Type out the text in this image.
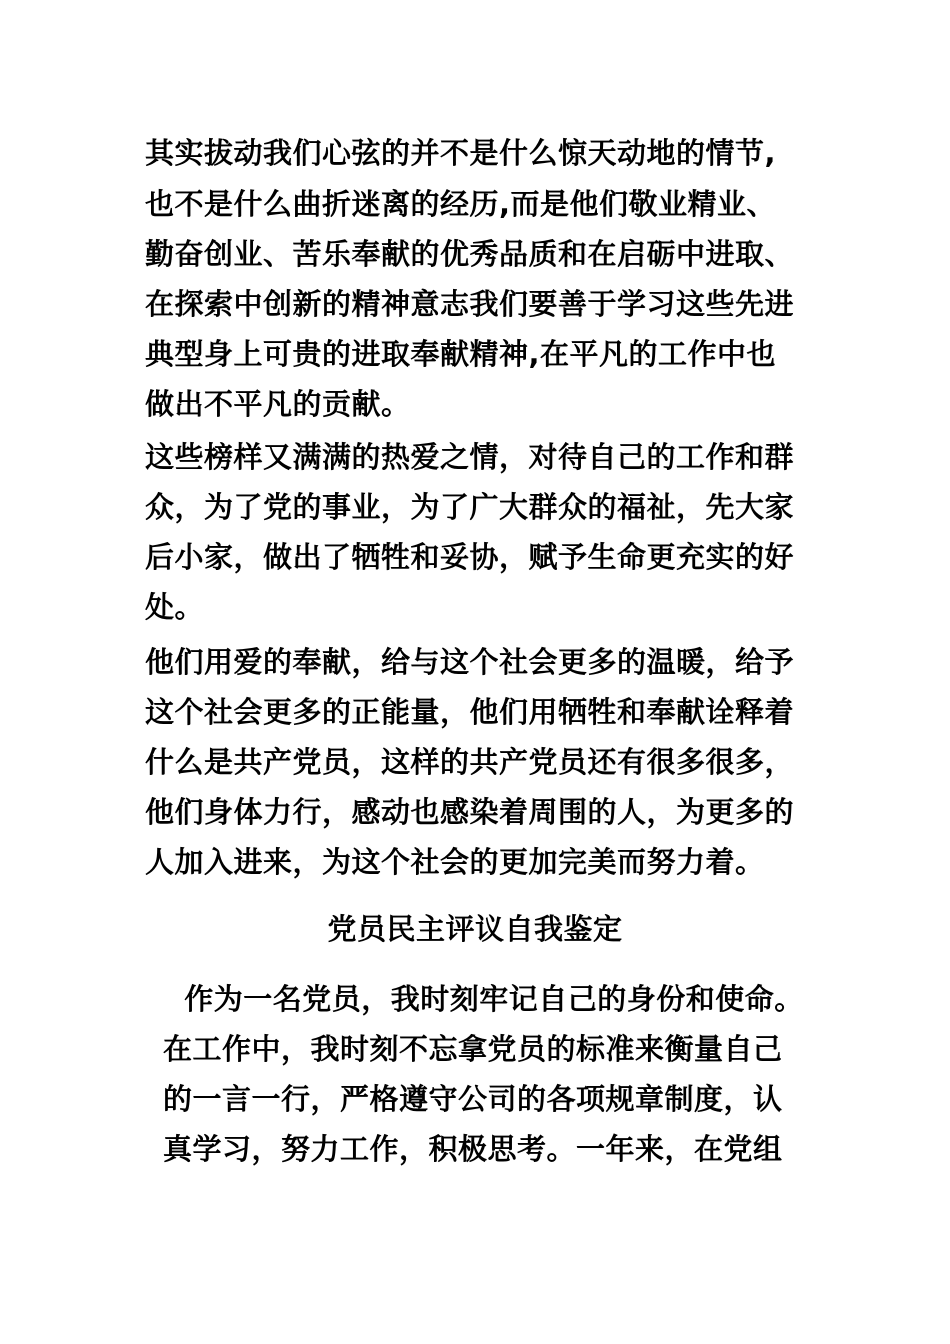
其实拔动我们心弦的并不是什么惊天动地的情节,
也不是什么曲折迷离的经历,而是他们敬业精业、
勤奋创业、苦乐奉献的优秀品质和在启砺中进取、
在探索中创新的精神意志我们要善于学习这些先进
典型身上可贵的进取奉献精神,在平凡的工作中也
做出不平凡的贡献。
这些榜样又满满的热爱之情，对待自己的工作和群
众，为了党的事业，为了广大群众的福祉，先大家
后小家，做出了牺牲和妥协，赋予生命更充实的好
处。
他们用爱的奉献，给与这个社会更多的温暖，给予
这个社会更多的正能量，他们用牺牲和奉献诠释着
什么是共产党员，这样的共产党员还有很多很多，
他们身体力行，感动也感染着周围的人，为更多的
人加入进来，为这个社会的更加完美而努力着。
党员民主评议自我鉴定
作为一名党员，我时刻牢记自己的身份和使命。
在工作中，我时刻不忘拿党员的标准来衡量自己
的一言一行，严格遵守公司的各项规章制度，认
真学习，努力工作，积极思考。一年来，在党组
